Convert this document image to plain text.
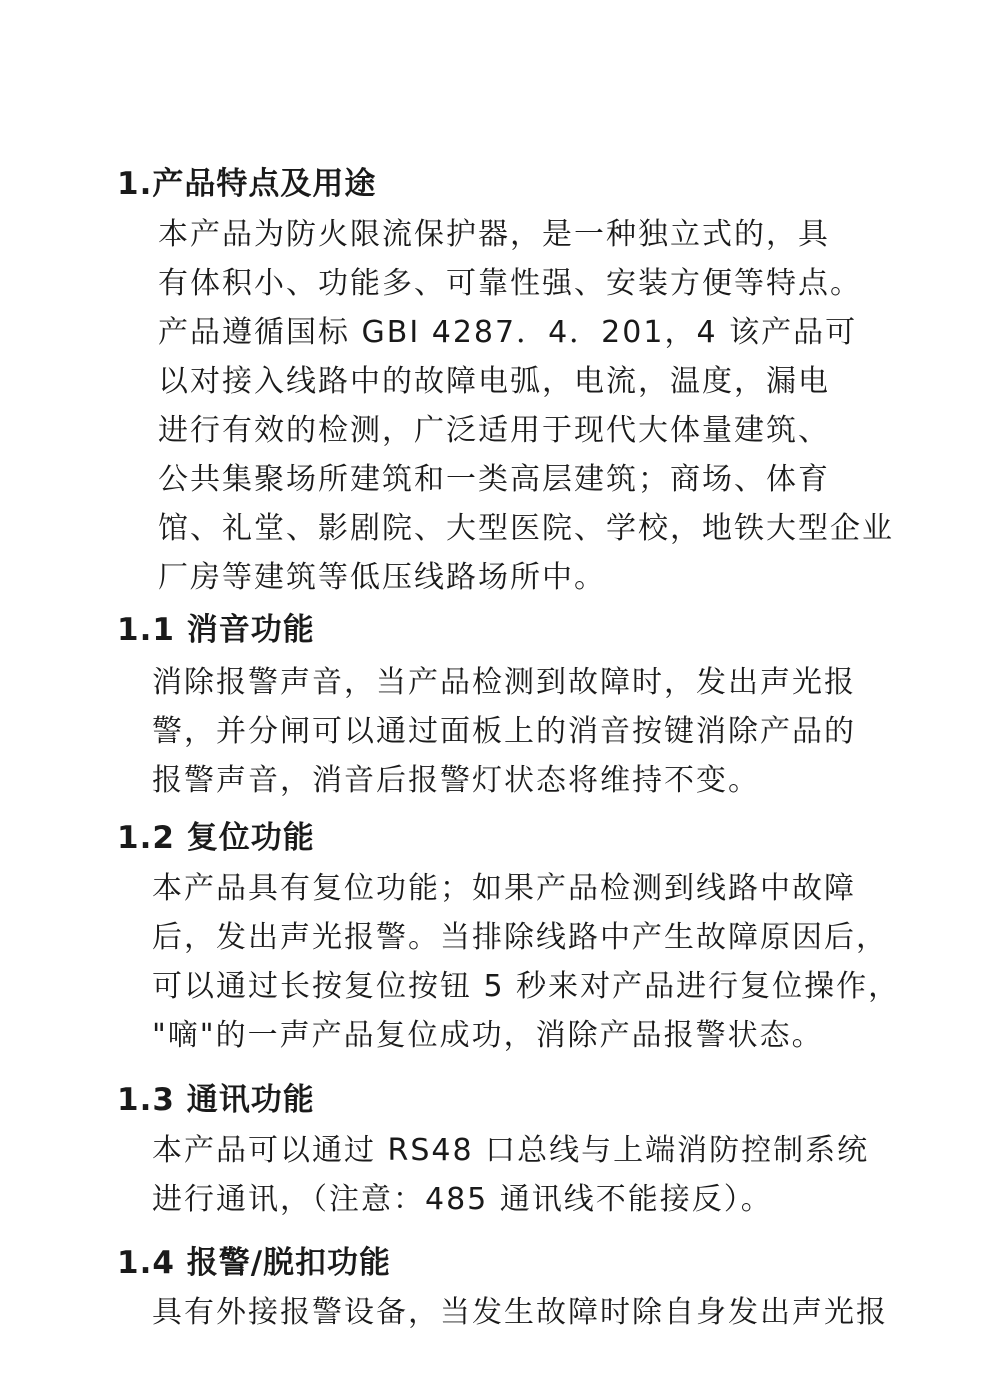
1.产品特点及用途
本产品为防火限流保护器，是一种独立式的，具
有体积小、功能多、可靠性强、安装方便等特点。
产品遵循国标 GBI 4287．4．201，4 该产品可
以对接入线路中的故障电弧，电流，温度，漏电
进行有效的检测，广泛适用于现代大体量建筑、
公共集聚场所建筑和一类高层建筑；商场、体育
馆、礼堂、影剧院、大型医院、学校，地铁大型企业
厂房等建筑等低压线路场所中。
1.1 消音功能
消除报警声音，当产品检测到故障时，发出声光报
警，并分闸可以通过面板上的消音按键消除产品的
报警声音，消音后报警灯状态将维持不变。
1.2 复位功能
本产品具有复位功能；如果产品检测到线路中故障
后，发出声光报警。当排除线路中产生故障原因后，
可以通过长按复位按钮 5 秒来对产品进行复位操作，
"嘀"的一声产品复位成功，消除产品报警状态。
1.3 通讯功能
本产品可以通过 RS48 口总线与上端消防控制系统
进行通讯，（注意：485 通讯线不能接反）。
1.4 报警/脱扣功能
具有外接报警设备，当发生故障时除自身发出声光报
